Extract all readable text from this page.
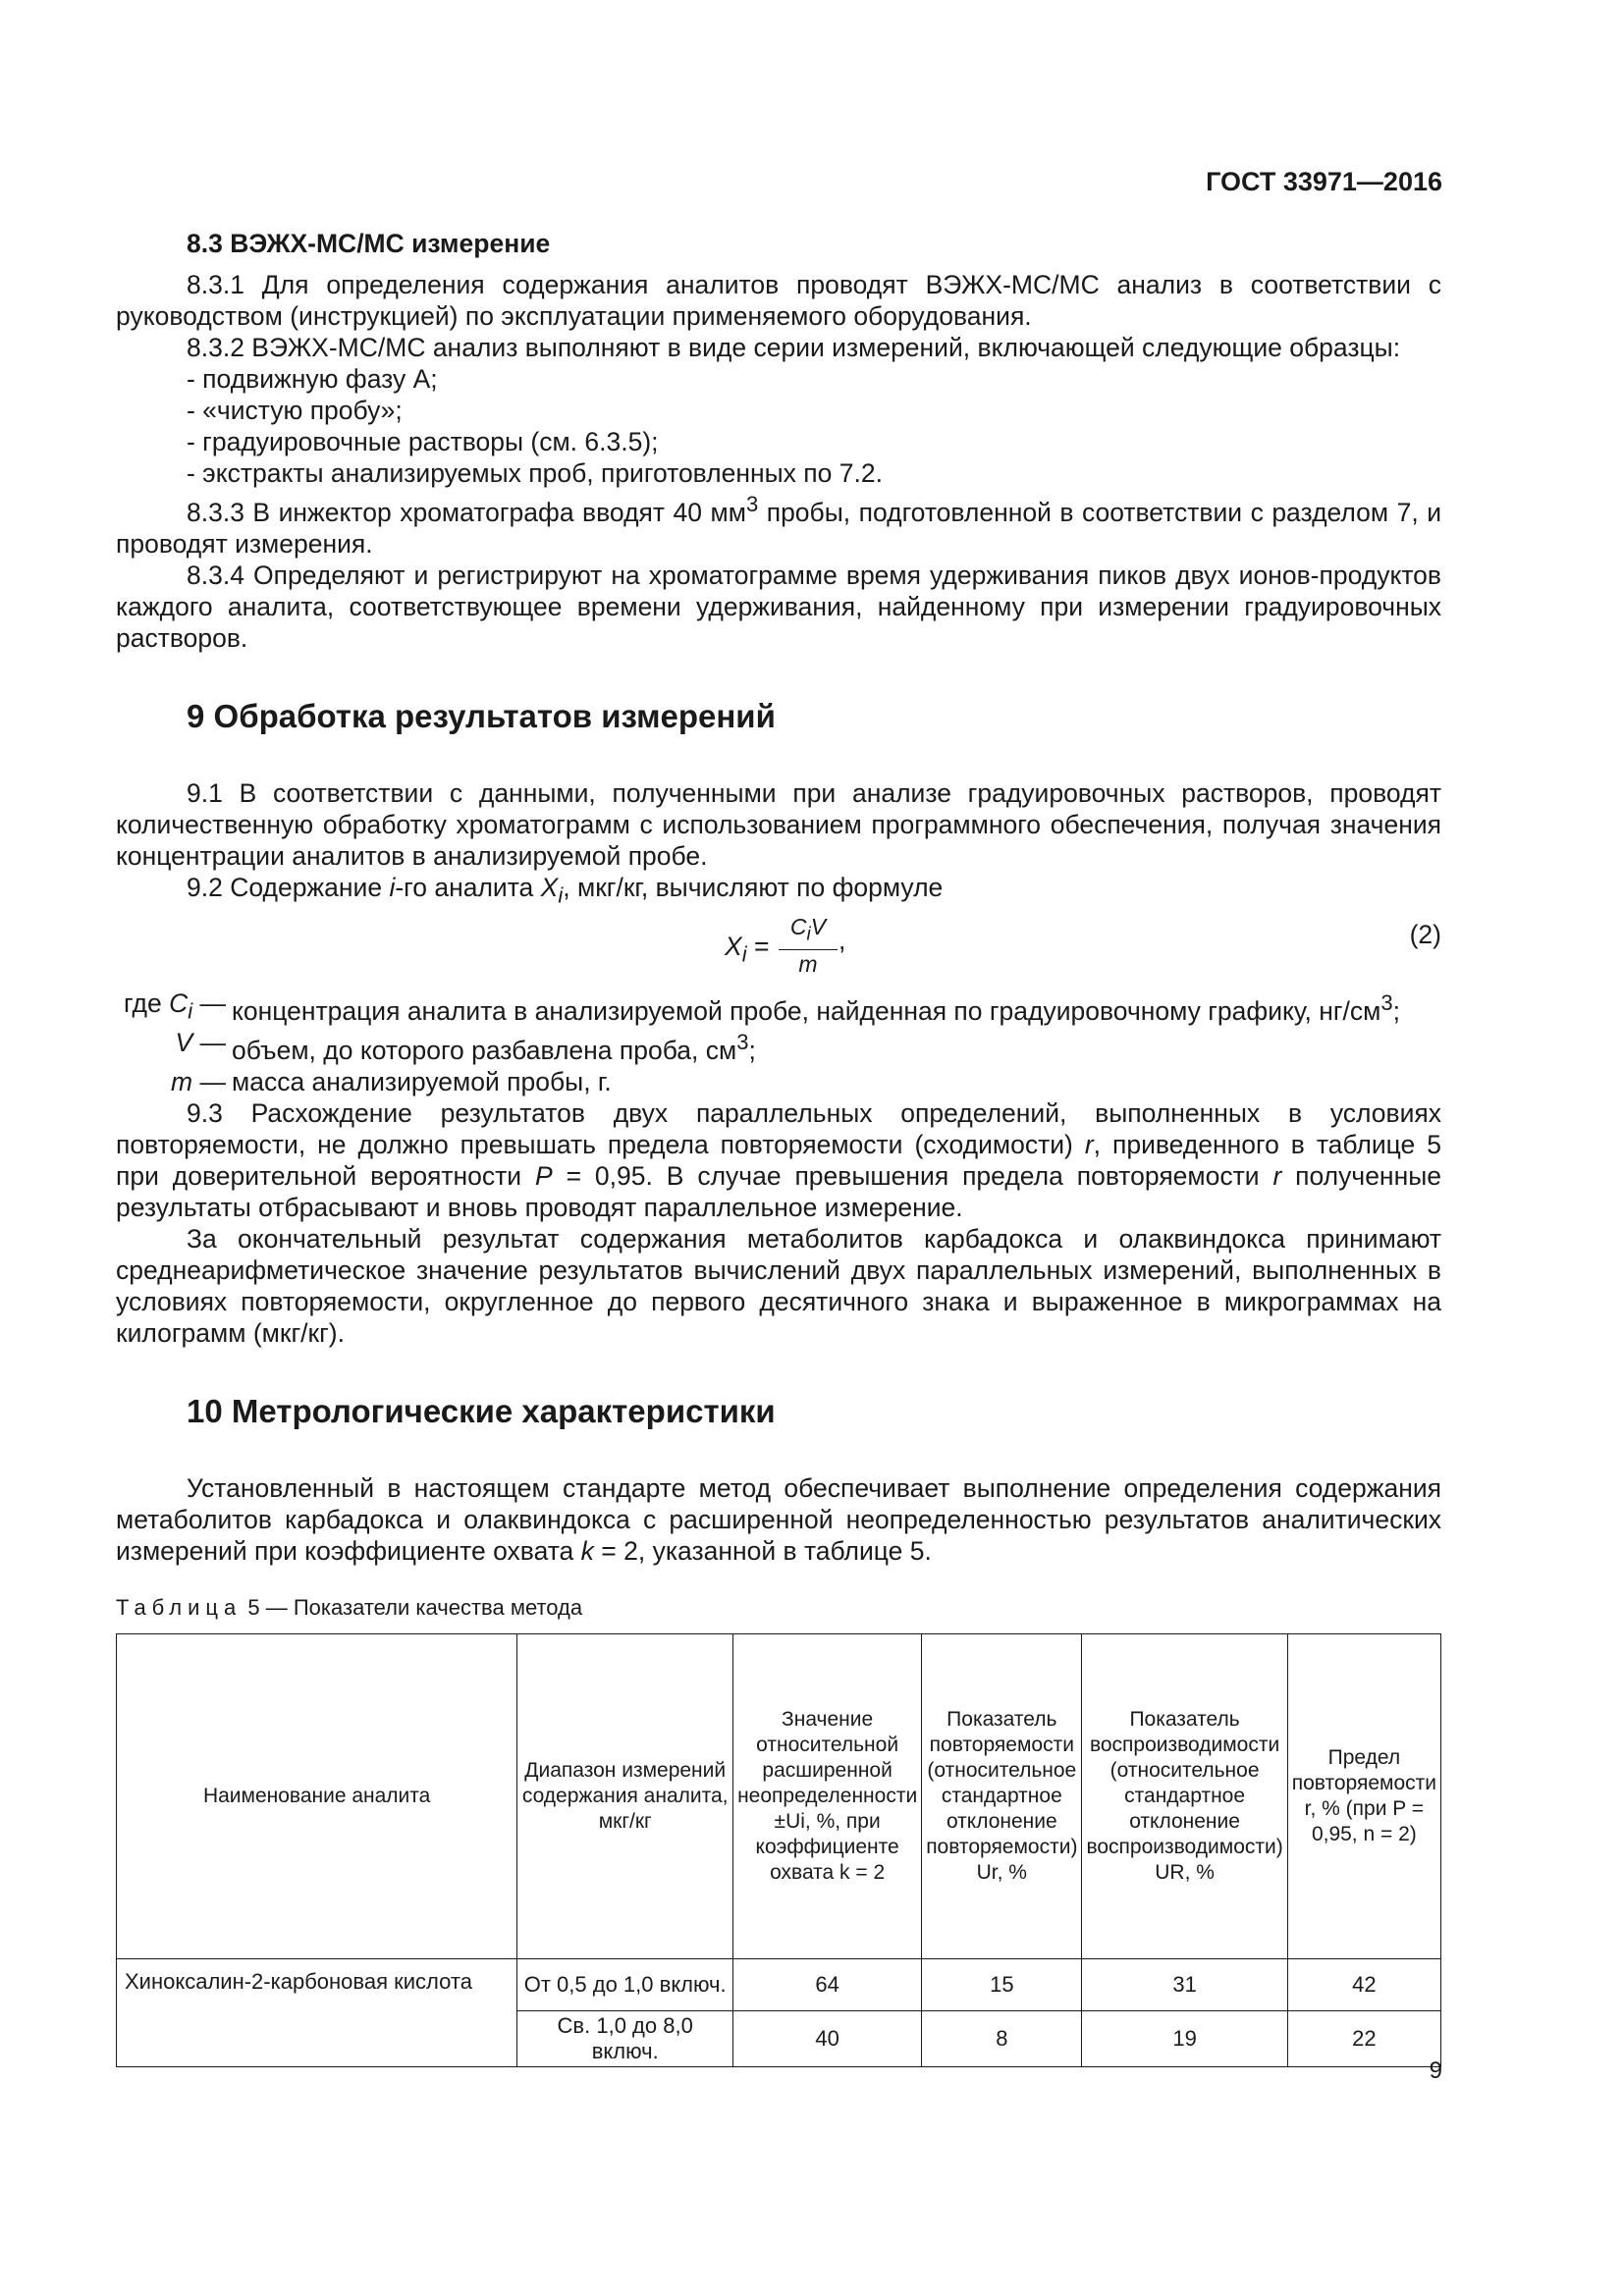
ГОСТ 33971—2016
8.3 ВЭЖХ-МС/МС измерение

8.3.1 Для определения содержания аналитов проводят ВЭЖХ-МС/МС анализ в соответствии с руководством (инструкцией) по эксплуатации применяемого оборудования.

8.3.2 ВЭЖХ-МС/МС анализ выполняют в виде серии измерений, включающей следующие образцы:

- подвижную фазу А;

- «чистую пробу»;

- градуировочные растворы (см. 6.3.5);

- экстракты анализируемых проб, приготовленных по 7.2.

8.3.3 В инжектор хроматографа вводят 40 $мм^3$ пробы, подготовленной в соответствии с разделом 7, и проводят измерения.

8.3.4 Определяют и регистрируют на хроматограмме время удерживания пиков двух ионов-продуктов каждого аналита, соответствующее времени удерживания, найденному при измерении градуировочных растворов.

9 Обработка результатов измерений

9.1 В соответствии с данными, полученными при анализе градуировочных растворов, проводят количественную обработку хроматограмм с использованием программного обеспечения, получая значения концентрации аналитов в анализируемой пробе.

9.2 Содержание i-го аналита $X_i$, мкг/кг, вычисляют по формуле

$X_i$ =
$C_iV$
m
,	(2)
где $C_i$ — концентрация аналита в анализируемой пробе, найденная по градуировочному графику, $нг/см^3$;
V — объем, до которого разбавлена проба, $см^3$;
m — масса анализируемой пробы, г.

9.3 Расхождение результатов двух параллельных определений, выполненных в условиях повторяемости, не должно превышать предела повторяемости (сходимости) r, приведенного в таблице 5 при доверительной вероятности P = 0,95. В случае превышения предела повторяемости r полученные результаты отбрасывают и вновь проводят параллельное измерение.

За окончательный результат содержания метаболитов карбадокса и олаквиндокса принимают среднеарифметическое значение результатов вычислений двух параллельных измерений, выполненных в условиях повторяемости, округленное до первого десятичного знака и выраженное в микрограммах на килограмм (мкг/кг).

10 Метрологические характеристики

Установленный в настоящем стандарте метод обеспечивает выполнение определения содержания метаболитов карбадокса и олаквиндокса с расширенной неопределенностью результатов аналитических измерений при коэффициенте охвата k = 2, указанной в таблице 5.

Таблица 5 — Показатели качества метода
Наименование аналита	Диапазон измерений содержания аналита, мкг/кг	Значение относительной расширенной неопределенности ±Ui, %, при коэффициенте охвата k = 2	Показатель повторяемости (относительное стандартное отклонение повторяемости) Ur, %	Показатель воспроизводимости (относительное стандартное отклонение воспроизводимости) UR, %	Предел повторяемости r, % (при P = 0,95, n = 2)
Хиноксалин-2-карбоновая кислота	От 0,5 до 1,0 включ.	64	15	31	42
	Св. 1,0 до 8,0 включ.	40	8	19	22
9
